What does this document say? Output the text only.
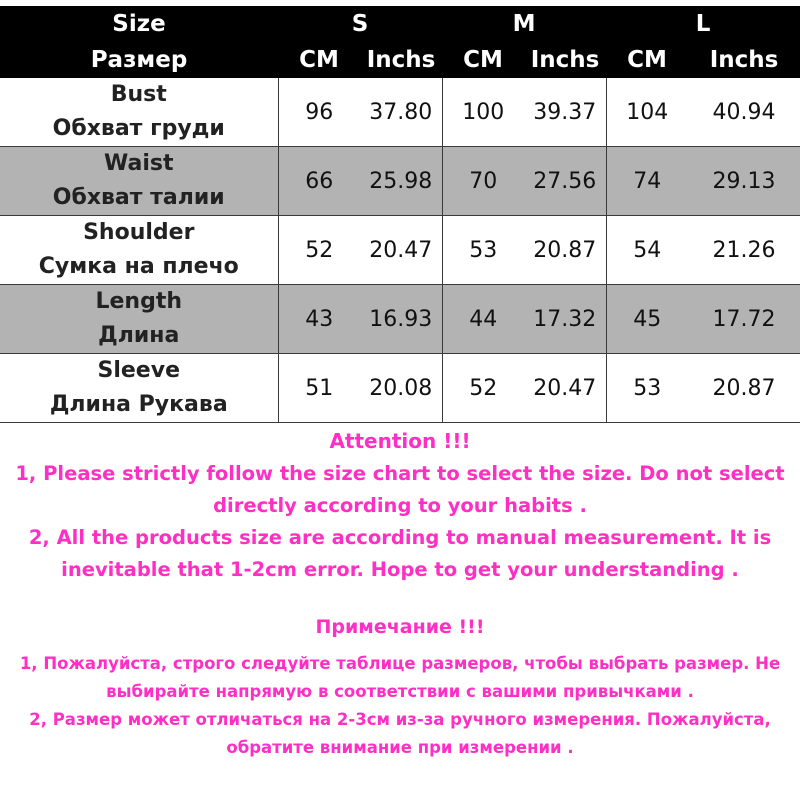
Size	S		M		L	
Размер	CM	Inchs	CM	Inchs	CM	Inchs

Bust
Обхват груди	96	37.80	100	39.37	104	40.94

Waist
Обхват талии	66	25.98	70	27.56	74	29.13

Shoulder
Сумка на плечо	52	20.47	53	20.87	54	21.26

Length
Длина	43	16.93	44	17.32	45	17.72

Sleeve
Длина Рукава	51	20.08	52	20.47	53	20.87

Attention !!!

1, Please strictly follow the size chart to select the size. Do not select directly according to your habits .

2, All the products size are according to manual measurement. It is inevitable that 1-2cm error. Hope to get your understanding .

Примечание !!!

1, Пожалуйста, строго следуйте таблице размеров, чтобы выбрать размер. Не выбирайте напрямую в соответствии с вашими привычками .

2, Размер может отличаться на 2-3см из-за ручного измерения. Пожалуйста, обратите внимание при измерении .
